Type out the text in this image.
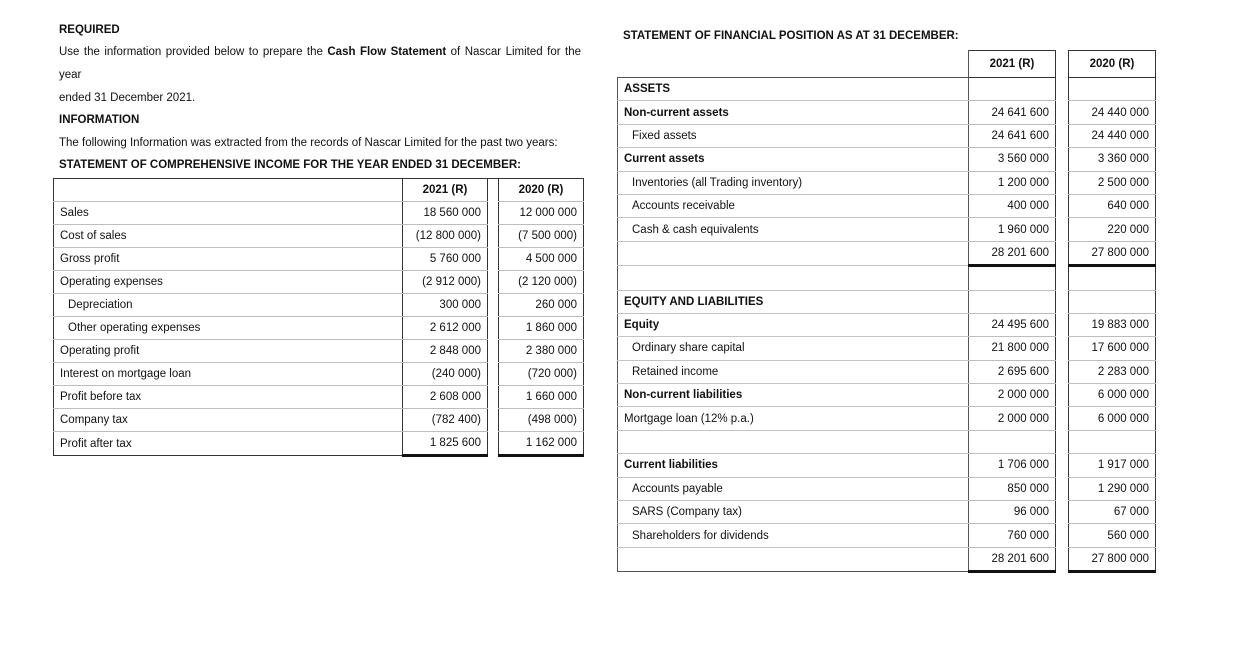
REQUIRED
Use the information provided below to prepare the Cash Flow Statement of Nascar Limited for the year
ended 31 December 2021.
INFORMATION
The following Information was extracted from the records of Nascar Limited for the past two years:
STATEMENT OF COMPREHENSIVE INCOME FOR THE YEAR ENDED 31 DECEMBER:
	2021 (R)		2020 (R)
Sales	18 560 000		12 000 000
Cost of sales	(12 800 000)		(7 500 000)
Gross profit	5 760 000		4 500 000
Operating expenses	(2 912 000)		(2 120 000)
Depreciation	300 000		260 000
Other operating expenses	2 612 000		1 860 000
Operating profit	2 848 000		2 380 000
Interest on mortgage loan	(240 000)		(720 000)
Profit before tax	2 608 000		1 660 000
Company tax	(782 400)		(498 000)
Profit after tax	1 825 600		1 162 000
STATEMENT OF FINANCIAL POSITION AS AT 31 DECEMBER:
	2021 (R)		2020 (R)
ASSETS			
Non-current assets	24 641 600		24 440 000
Fixed assets	24 641 600		24 440 000
Current assets	3 560 000		3 360 000
Inventories (all Trading inventory)	1 200 000		2 500 000
Accounts receivable	400 000		640 000
Cash & cash equivalents	1 960 000		220 000
	28 201 600		27 800 000

EQUITY AND LIABILITIES			
Equity	24 495 600		19 883 000
Ordinary share capital	21 800 000		17 600 000
Retained income	2 695 600		2 283 000
Non-current liabilities	2 000 000		6 000 000
Mortgage loan (12% p.a.)	2 000 000		6 000 000

Current liabilities	1 706 000		1 917 000
Accounts payable	850 000		1 290 000
SARS (Company tax)	96 000		67 000
Shareholders for dividends	760 000		560 000
	28 201 600		27 800 000
